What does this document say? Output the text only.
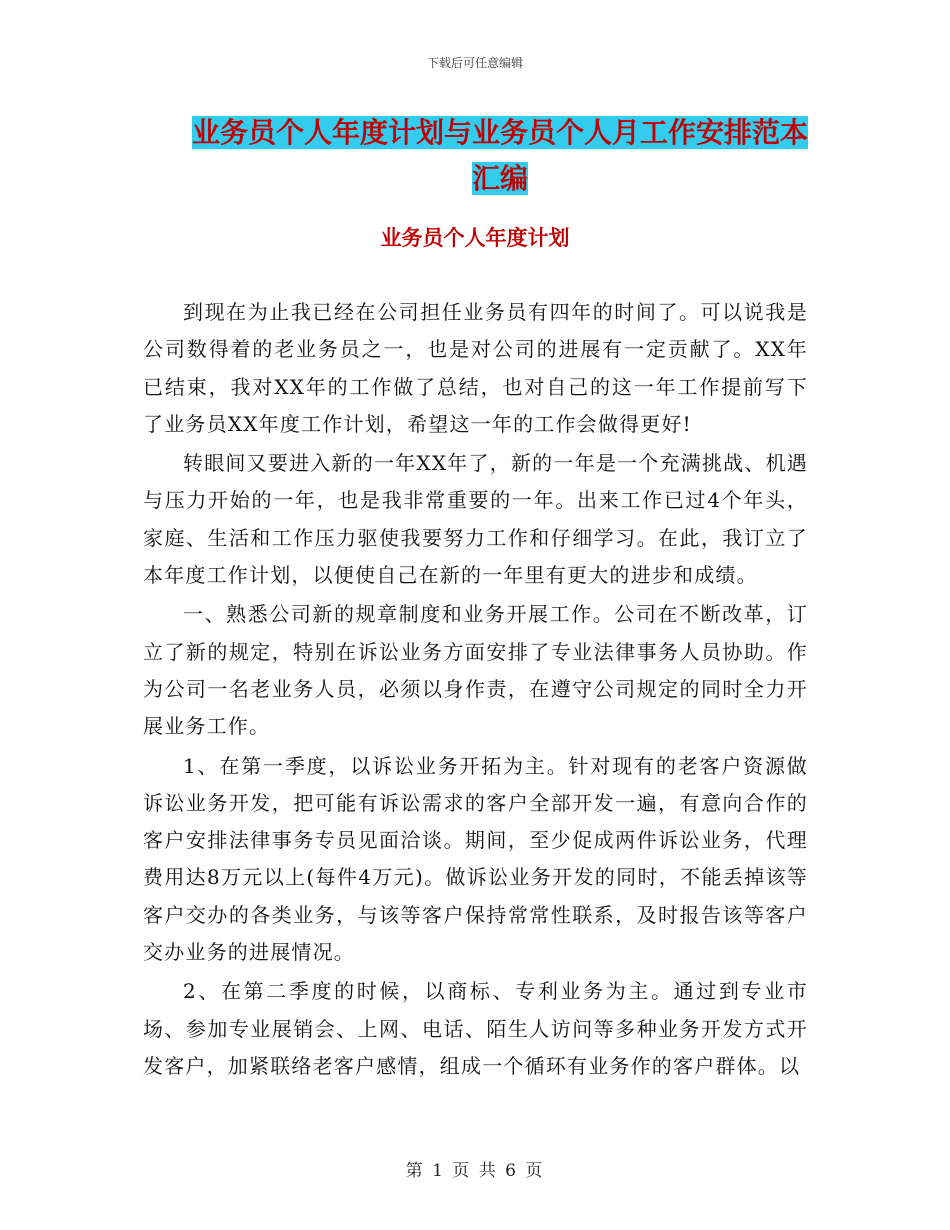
下载后可任意编辑
业务员个人年度计划与业务员个人月工作安排范本汇编
业务员个人年度计划

到现在为止我已经在公司担任业务员有四年的时间了。可以说我是公司数得着的老业务员之一，也是对公司的进展有一定贡献了。XX年已结束，我对XX年的工作做了总结，也对自己的这一年工作提前写下了业务员XX年度工作计划，希望这一年的工作会做得更好!

转眼间又要进入新的一年XX年了，新的一年是一个充满挑战、机遇与压力开始的一年，也是我非常重要的一年。出来工作已过4个年头，家庭、生活和工作压力驱使我要努力工作和仔细学习。在此，我订立了本年度工作计划，以便使自己在新的一年里有更大的进步和成绩。

一、熟悉公司新的规章制度和业务开展工作。公司在不断改革，订立了新的规定，特别在诉讼业务方面安排了专业法律事务人员协助。作为公司一名老业务人员，必须以身作责，在遵守公司规定的同时全力开展业务工作。

1、在第一季度，以诉讼业务开拓为主。针对现有的老客户资源做诉讼业务开发，把可能有诉讼需求的客户全部开发一遍，有意向合作的客户安排法律事务专员见面洽谈。期间，至少促成两件诉讼业务，代理费用达8万元以上(每件4万元)。做诉讼业务开发的同时，不能丢掉该等客户交办的各类业务，与该等客户保持常常性联系，及时报告该等客户交办业务的进展情况。

2、在第二季度的时候，以商标、专利业务为主。通过到专业市场、参加专业展销会、上网、电话、陌生人访问等多种业务开发方式开发客户，加紧联络老客户感情，组成一个循环有业务作的客户群体。以

第 1 页 共 6 页
